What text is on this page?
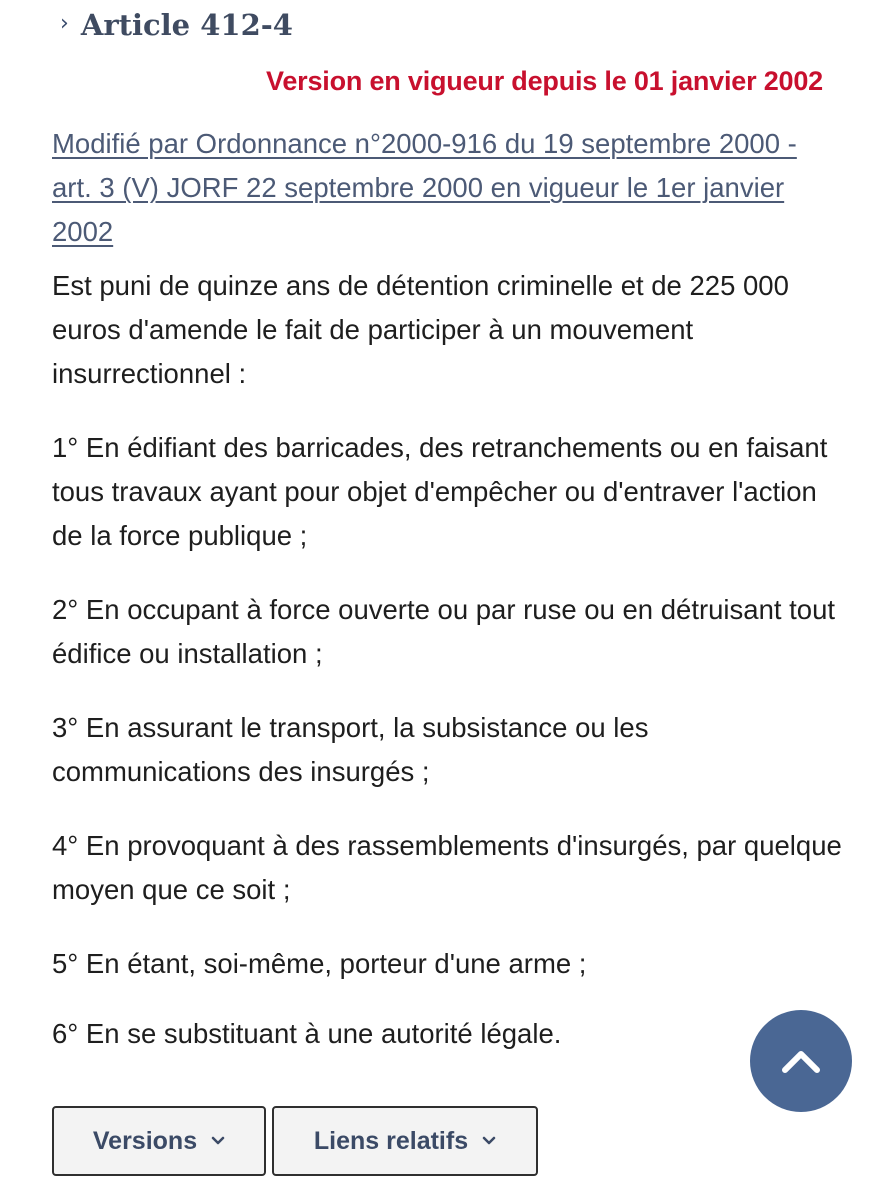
› Article 412-4
Version en vigueur depuis le 01 janvier 2002
Modifié par Ordonnance n°2000-916 du 19 septembre 2000 - art. 3 (V) JORF 22 septembre 2000 en vigueur le 1er janvier 2002

Est puni de quinze ans de détention criminelle et de 225 000 euros d'amende le fait de participer à un mouvement insurrectionnel :

1° En édifiant des barricades, des retranchements ou en faisant tous travaux ayant pour objet d'empêcher ou d'entraver l'action de la force publique ;

2° En occupant à force ouverte ou par ruse ou en détruisant tout édifice ou installation ;

3° En assurant le transport, la subsistance ou les communications des insurgés ;

4° En provoquant à des rassemblements d'insurgés, par quelque moyen que ce soit ;

5° En étant, soi-même, porteur d'une arme ;

6° En se substituant à une autorité légale.

Versions	Liens relatifs
